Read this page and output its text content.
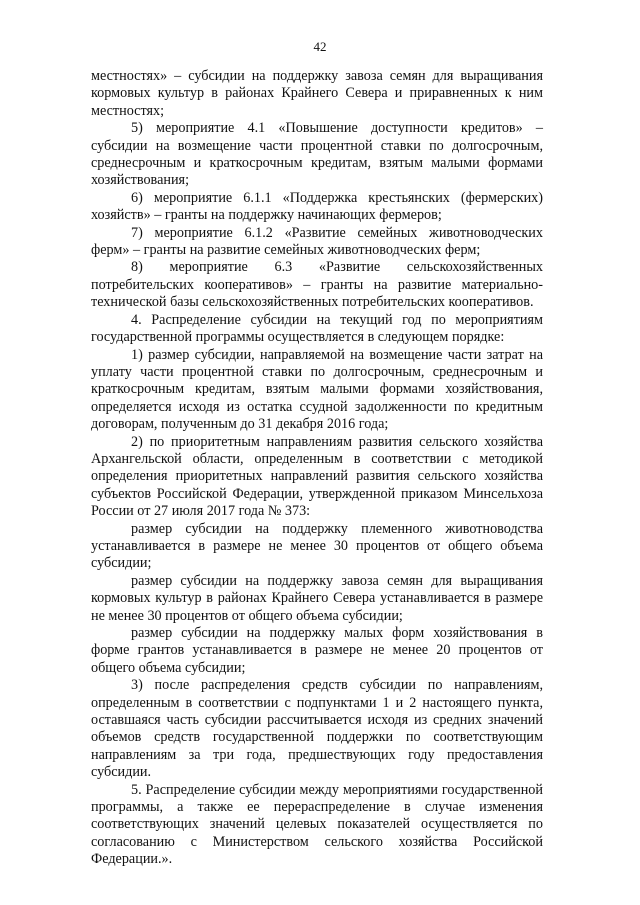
42

местностях» – субсидии на поддержку завоза семян для выращивания кормовых культур в районах Крайнего Севера и приравненных к ним местностях;

5) мероприятие 4.1 «Повышение доступности кредитов» – субсидии на возмещение части процентной ставки по долгосрочным, среднесрочным и краткосрочным кредитам, взятым малыми формами хозяйствования;

6) мероприятие 6.1.1 «Поддержка крестьянских (фермерских) хозяйств» – гранты на поддержку начинающих фермеров;

7) мероприятие 6.1.2 «Развитие семейных животноводческих ферм» – гранты на развитие семейных животноводческих ферм;

8) мероприятие 6.3 «Развитие сельскохозяйственных потребительских кооперативов» – гранты на развитие материально-технической базы сельскохозяйственных потребительских кооперативов.

4. Распределение субсидии на текущий год по мероприятиям государственной программы осуществляется в следующем порядке:

1) размер субсидии, направляемой на возмещение части затрат на уплату части процентной ставки по долгосрочным, среднесрочным и краткосрочным кредитам, взятым малыми формами хозяйствования, определяется исходя из остатка ссудной задолженности по кредитным договорам, полученным до 31 декабря 2016 года;

2) по приоритетным направлениям развития сельского хозяйства Архангельской области, определенным в соответствии с методикой определения приоритетных направлений развития сельского хозяйства субъектов Российской Федерации, утвержденной приказом Минсельхоза России от 27 июля 2017 года № 373:

размер субсидии на поддержку племенного животноводства устанавливается в размере не менее 30 процентов от общего объема субсидии;

размер субсидии на поддержку завоза семян для выращивания кормовых культур в районах Крайнего Севера устанавливается в размере не менее 30 процентов от общего объема субсидии;

размер субсидии на поддержку малых форм хозяйствования в форме грантов устанавливается в размере не менее 20 процентов от общего объема субсидии;

3) после распределения средств субсидии по направлениям, определенным в соответствии с подпунктами 1 и 2 настоящего пункта, оставшаяся часть субсидии рассчитывается исходя из средних значений объемов средств государственной поддержки по соответствующим направлениям за три года, предшествующих году предоставления субсидии.

5. Распределение субсидии между мероприятиями государственной программы, а также ее перераспределение в случае изменения соответствующих значений целевых показателей осуществляется по согласованию с Министерством сельского хозяйства Российской Федерации.».
